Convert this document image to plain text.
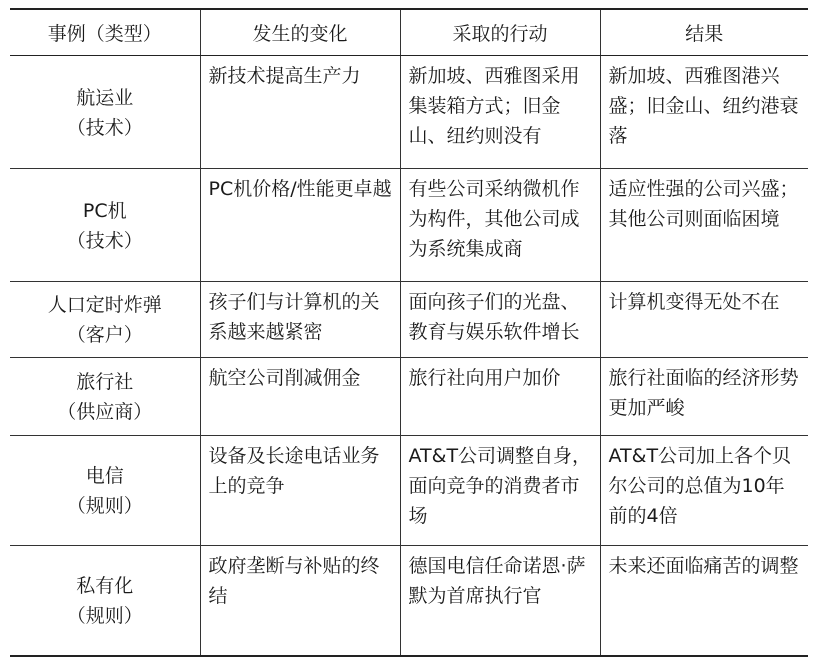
事例（类型）	发生的变化	采取的行动	结果

航运业
（技术）	新技术提高生产力	新加坡、西雅图采用集装箱方式；旧金山、纽约则没有	新加坡、西雅图港兴盛；旧金山、纽约港衰落

PC机
（技术）	PC机价格/性能更卓越	有些公司采纳微机作为构件，其他公司成为系统集成商	适应性强的公司兴盛；其他公司则面临困境

人口定时炸弹
（客户）	孩子们与计算机的关系越来越紧密	面向孩子们的光盘、教育与娱乐软件增长	计算机变得无处不在

旅行社
（供应商）	航空公司削减佣金	旅行社向用户加价	旅行社面临的经济形势更加严峻

电信
（规则）	设备及长途电话业务上的竞争	AT&T公司调整自身，面向竞争的消费者市场	AT&T公司加上各个贝尔公司的总值为10年前的4倍

私有化
（规则）	政府垄断与补贴的终结	德国电信任命诺恩·萨默为首席执行官	未来还面临痛苦的调整
